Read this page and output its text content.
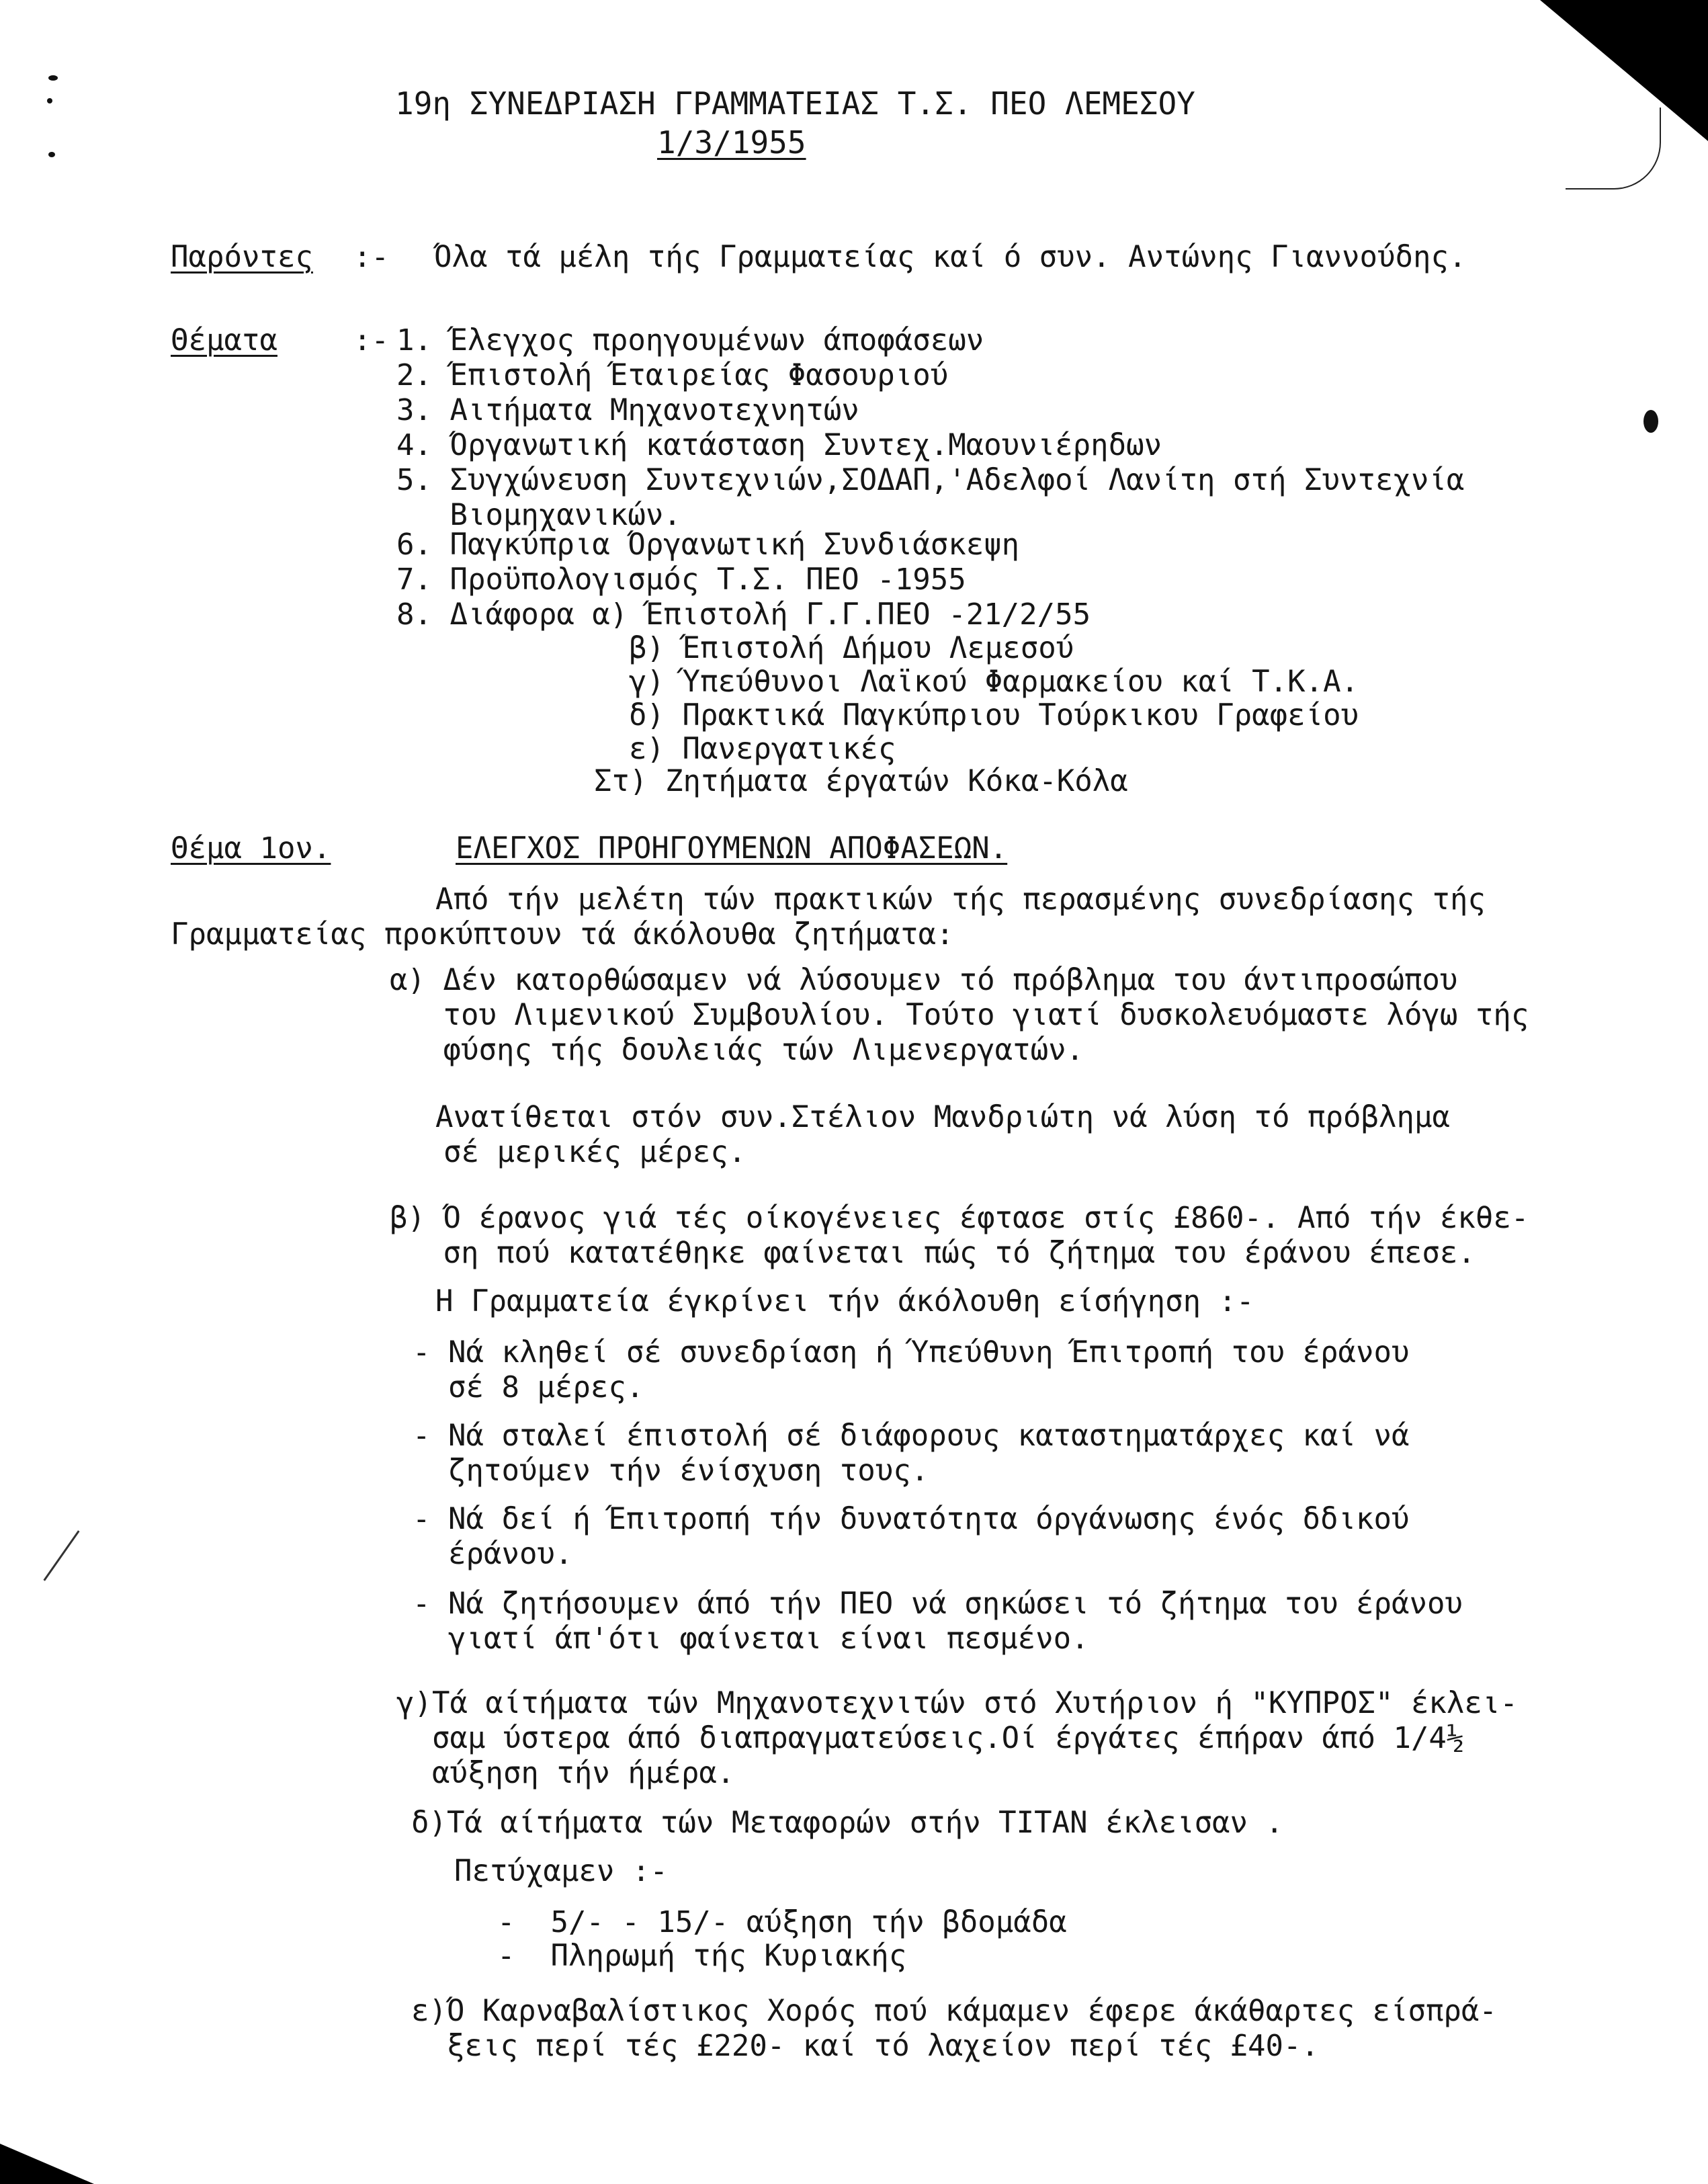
19η ΣΥΝΕΔΡΙΑΣΗ ΓΡΑΜΜΑΤΕΙΑΣ Τ.Σ. ΠΕΟ ΛΕΜΕΣΟΥ
1/3/1955
Παρόντες :- Όλα τά μέλη τής Γραμματείας καί ό συν. Αντώνης Γιαννούδης.
Θέματα	:- 1. Έλεγχος προηγουμένων άποφάσεων
2. Έπιστολή Έταιρείας Φασουριού
3. Αιτήματα Μηχανοτεχνητών
4. Όργανωτική κατάσταση Συντεχ.Μαουνιέρηδων
5. Συγχώνευση Συντεχνιών,ΣΟΔΑΠ,'Αδελφοί Λανίτη στή Συντεχνία
Βιομηχανικών.
6. Παγκύπρια Όργανωτική Συνδιάσκεψη
7. Προϋπολογισμός Τ.Σ. ΠΕΟ -1955
8. Διάφορα α) Έπιστολή Γ.Γ.ΠΕΟ -21/2/55
β) Έπιστολή Δήμου Λεμεσού
γ) Ύπεύθυνοι Λαϊκού Φαρμακείου καί Τ.Κ.Α.
δ) Πρακτικά Παγκύπριου Τούρκικου Γραφείου
ε) Πανεργατικές
Στ) Ζητήματα έργατών Κόκα-Κόλα
Θέμα 1ον.	ΕΛΕΓΧΟΣ ΠΡΟΗΓΟΥΜΕΝΩΝ ΑΠΟΦΑΣΕΩΝ.
Από τήν μελέτη τών πρακτικών τής περασμένης συνεδρίασης τής
Γραμματείας προκύπτουν τά άκόλουθα ζητήματα:
α) Δέν κατορθώσαμεν νά λύσουμεν τό πρόβλημα του άντιπροσώπου
του Λιμενικού Συμβουλίου. Τούτο γιατί δυσκολευόμαστε λόγω τής
φύσης τής δουλειάς τών Λιμενεργατών.
Ανατίθεται στόν συν.Στέλιον Μανδριώτη νά λύση τό πρόβλημα
σέ μερικές μέρες.
β) Ό έρανος γιά τές οίκογένειες έφτασε στίς £860-. Από τήν έκθε-
ση πού κατατέθηκε φαίνεται πώς τό ζήτημα του έράνου έπεσε.
Η Γραμματεία έγκρίνει τήν άκόλουθη είσήγηση :-
- Νά κληθεί σέ συνεδρίαση ή Ύπεύθυνη Έπιτροπή του έράνου
σέ 8 μέρες.
- Νά σταλεί έπιστολή σέ διάφορους καταστηματάρχες καί νά
ζητούμεν τήν ένίσχυση τους.
- Νά δεί ή Έπιτροπή τήν δυνατότητα όργάνωσης ένός δδικού
έράνου.
- Νά ζητήσουμεν άπό τήν ΠΕΟ νά σηκώσει τό ζήτημα του έράνου
γιατί άπ'ότι φαίνεται είναι πεσμένο.
γ)Τά αίτήματα τών Μηχανοτεχνιτών στό Χυτήριον ή "ΚΥΠΡΟΣ" έκλει-
σαμ ύστερα άπό διαπραγματεύσεις.Οί έργάτες έπήραν άπό 1/4½
αύξηση τήν ήμέρα.
δ)Τά αίτήματα τών Μεταφορών στήν ΤΙΤΑΝ έκλεισαν .
Πετύχαμεν :-
-  5/- - 15/- αύξηση τήν βδομάδα
-  Πληρωμή τής Κυριακής
ε)Ό Καρναβαλίστικος Χορός πού κάμαμεν έφερε άκάθαρτες είσπρά-
ξεις περί τές £220- καί τό λαχείον περί τές £40-.
